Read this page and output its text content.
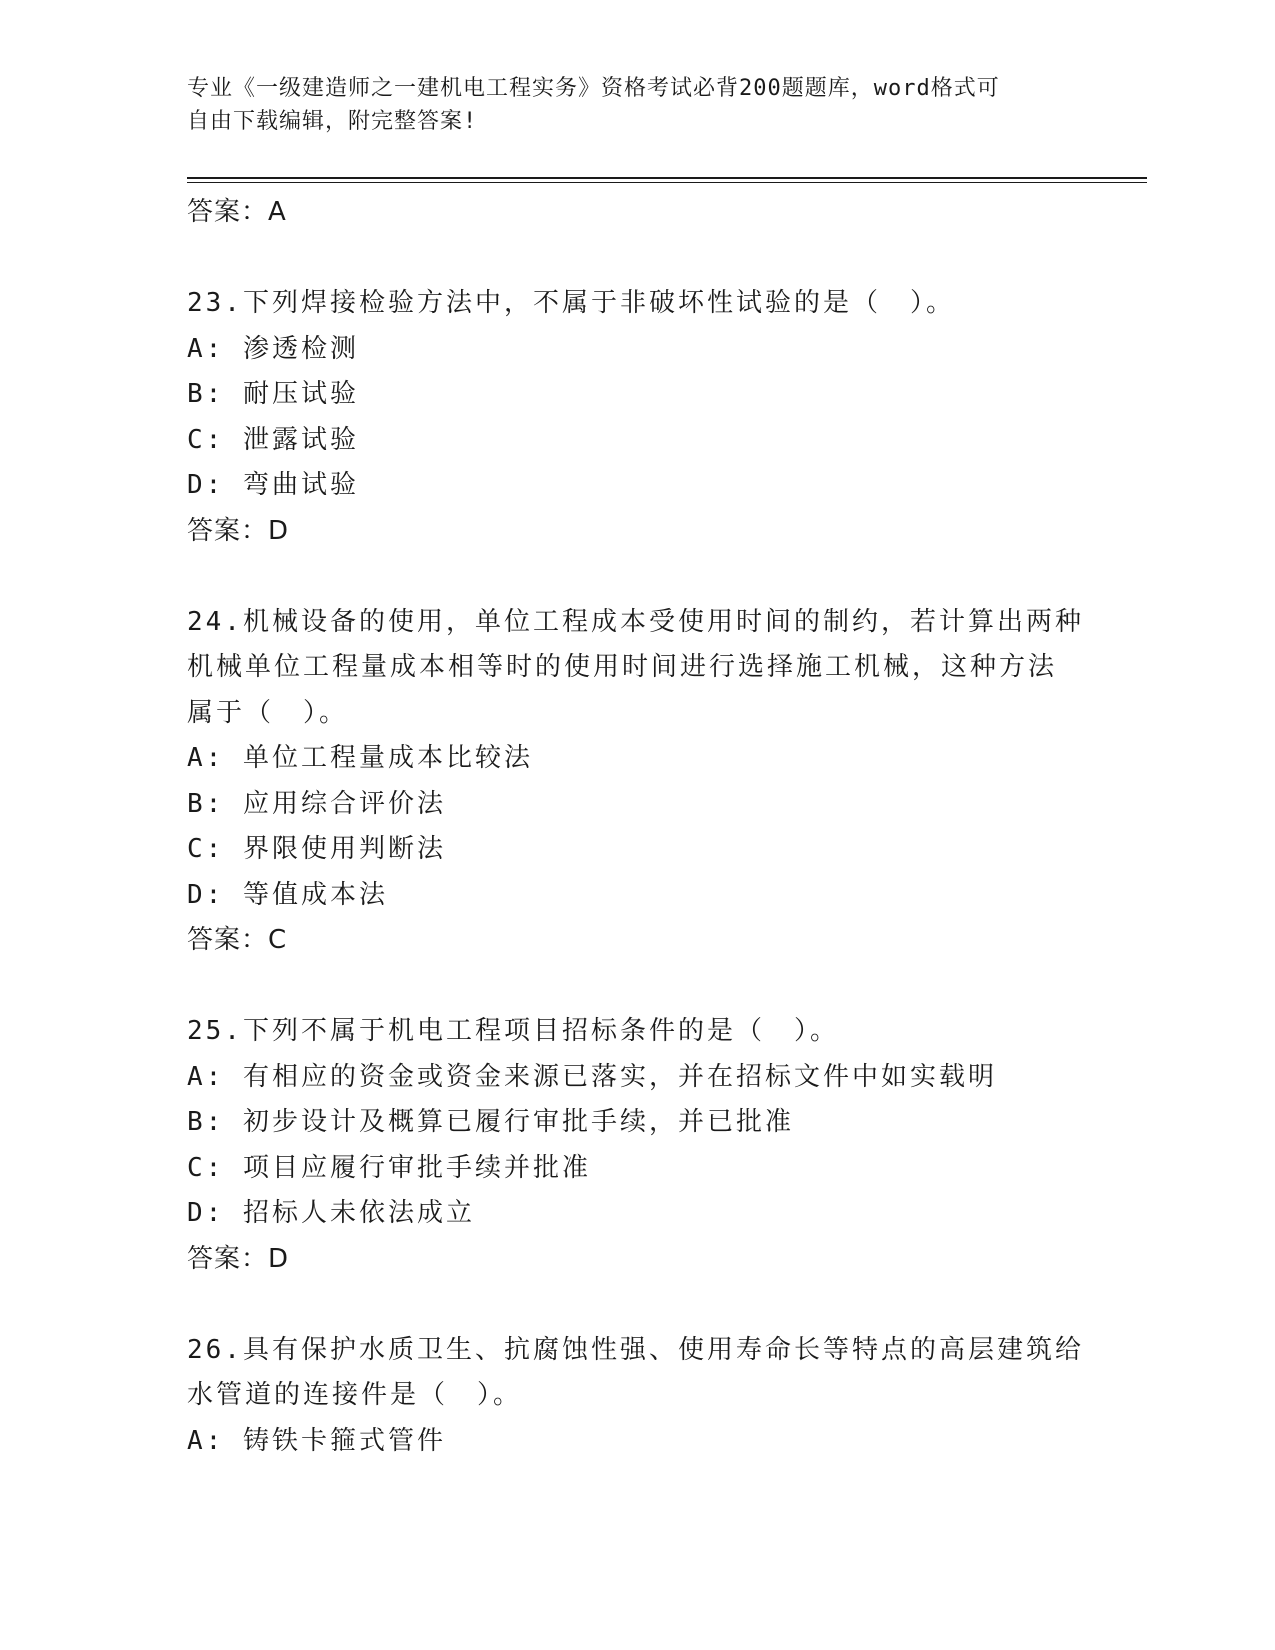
专业《一级建造师之一建机电工程实务》资格考试必背200题题库，word格式可
自由下载编辑，附完整答案!
答案：A
23.下列焊接检验方法中，不属于非破坏性试验的是（　）。
A: 渗透检测
B: 耐压试验
C: 泄露试验
D: 弯曲试验
答案：D
24.机械设备的使用，单位工程成本受使用时间的制约，若计算出两种
机械单位工程量成本相等时的使用时间进行选择施工机械，这种方法
属于（　）。
A: 单位工程量成本比较法
B: 应用综合评价法
C: 界限使用判断法
D: 等值成本法
答案：C
25.下列不属于机电工程项目招标条件的是（　）。
A: 有相应的资金或资金来源已落实，并在招标文件中如实载明
B: 初步设计及概算已履行审批手续，并已批准
C: 项目应履行审批手续并批准
D: 招标人未依法成立
答案：D
26.具有保护水质卫生、抗腐蚀性强、使用寿命长等特点的高层建筑给
水管道的连接件是（　）。
A: 铸铁卡箍式管件
